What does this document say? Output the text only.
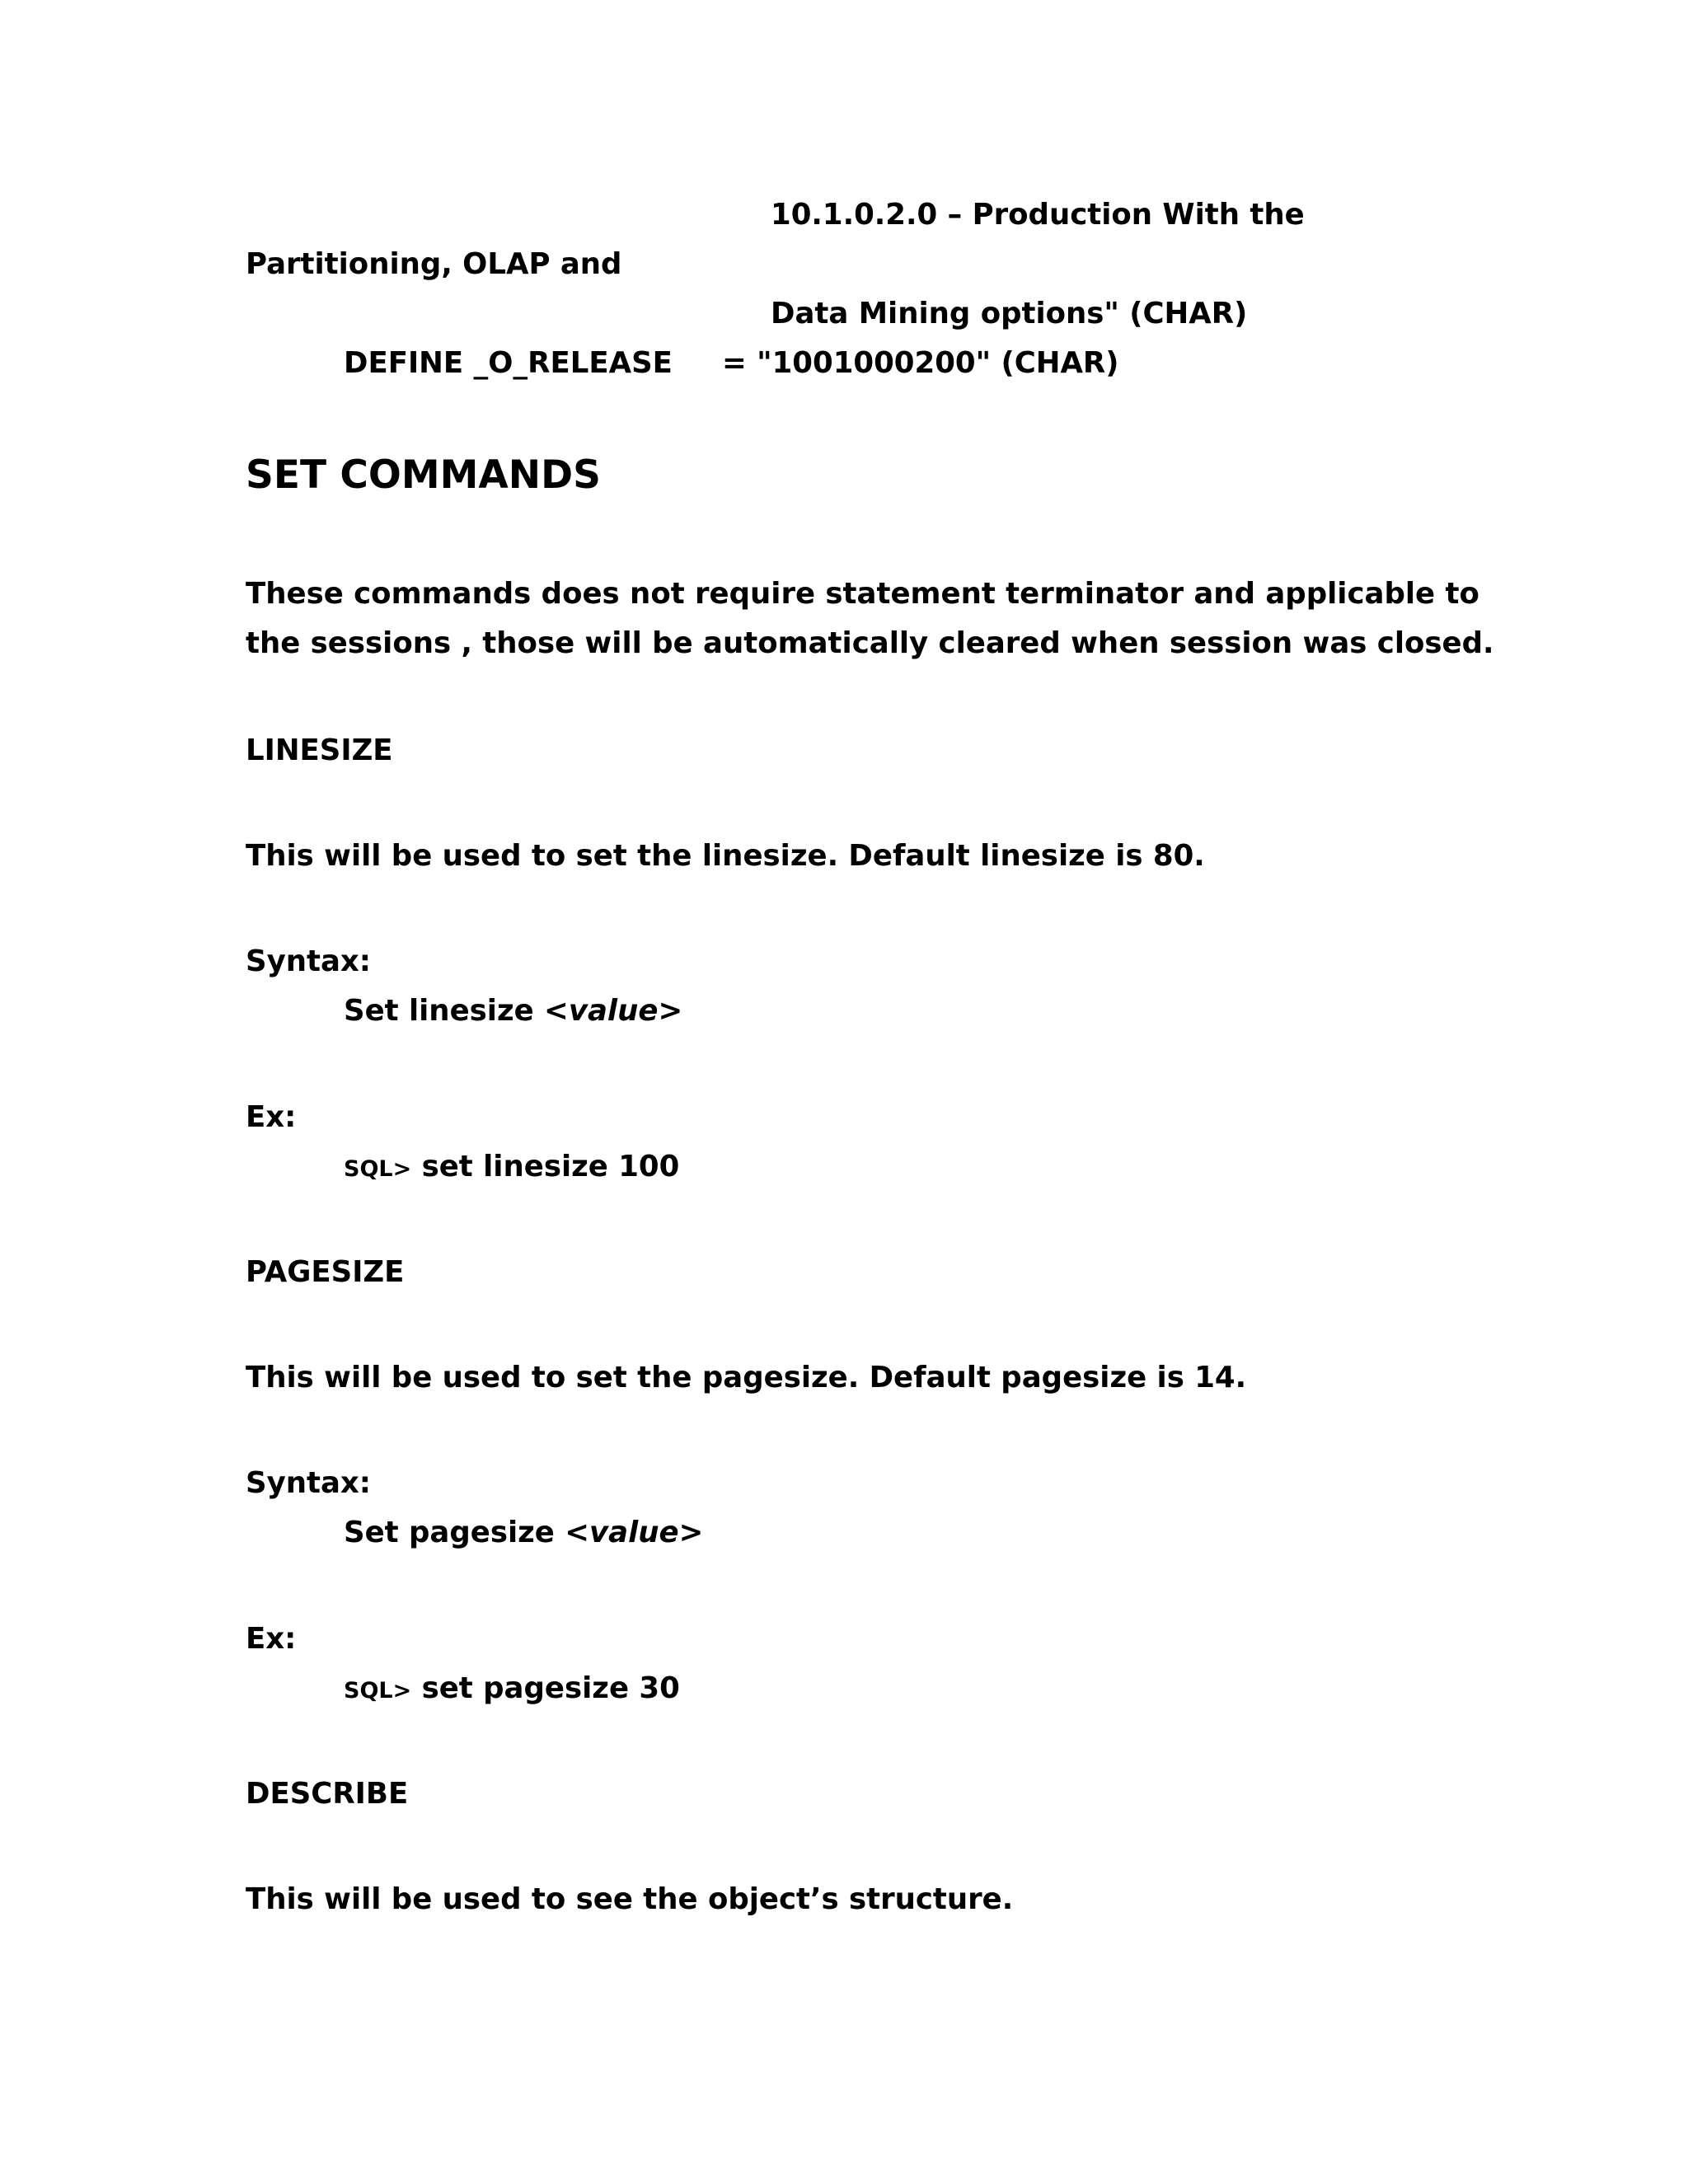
10.1.0.2.0 – Production With the
Partitioning, OLAP and
Data Mining options" (CHAR)
DEFINE _O_RELEASE = "1001000200" (CHAR)
SET COMMANDS
These commands does not require statement terminator and applicable to
the sessions , those will be automatically cleared when session was closed.
LINESIZE
This will be used to set the linesize. Default linesize is 80.
Syntax:
Set linesize <value>
Ex:
SQL> set linesize 100
PAGESIZE
This will be used to set the pagesize. Default pagesize is 14.
Syntax:
Set pagesize <value>
Ex:
SQL> set pagesize 30
DESCRIBE
This will be used to see the object’s structure.
